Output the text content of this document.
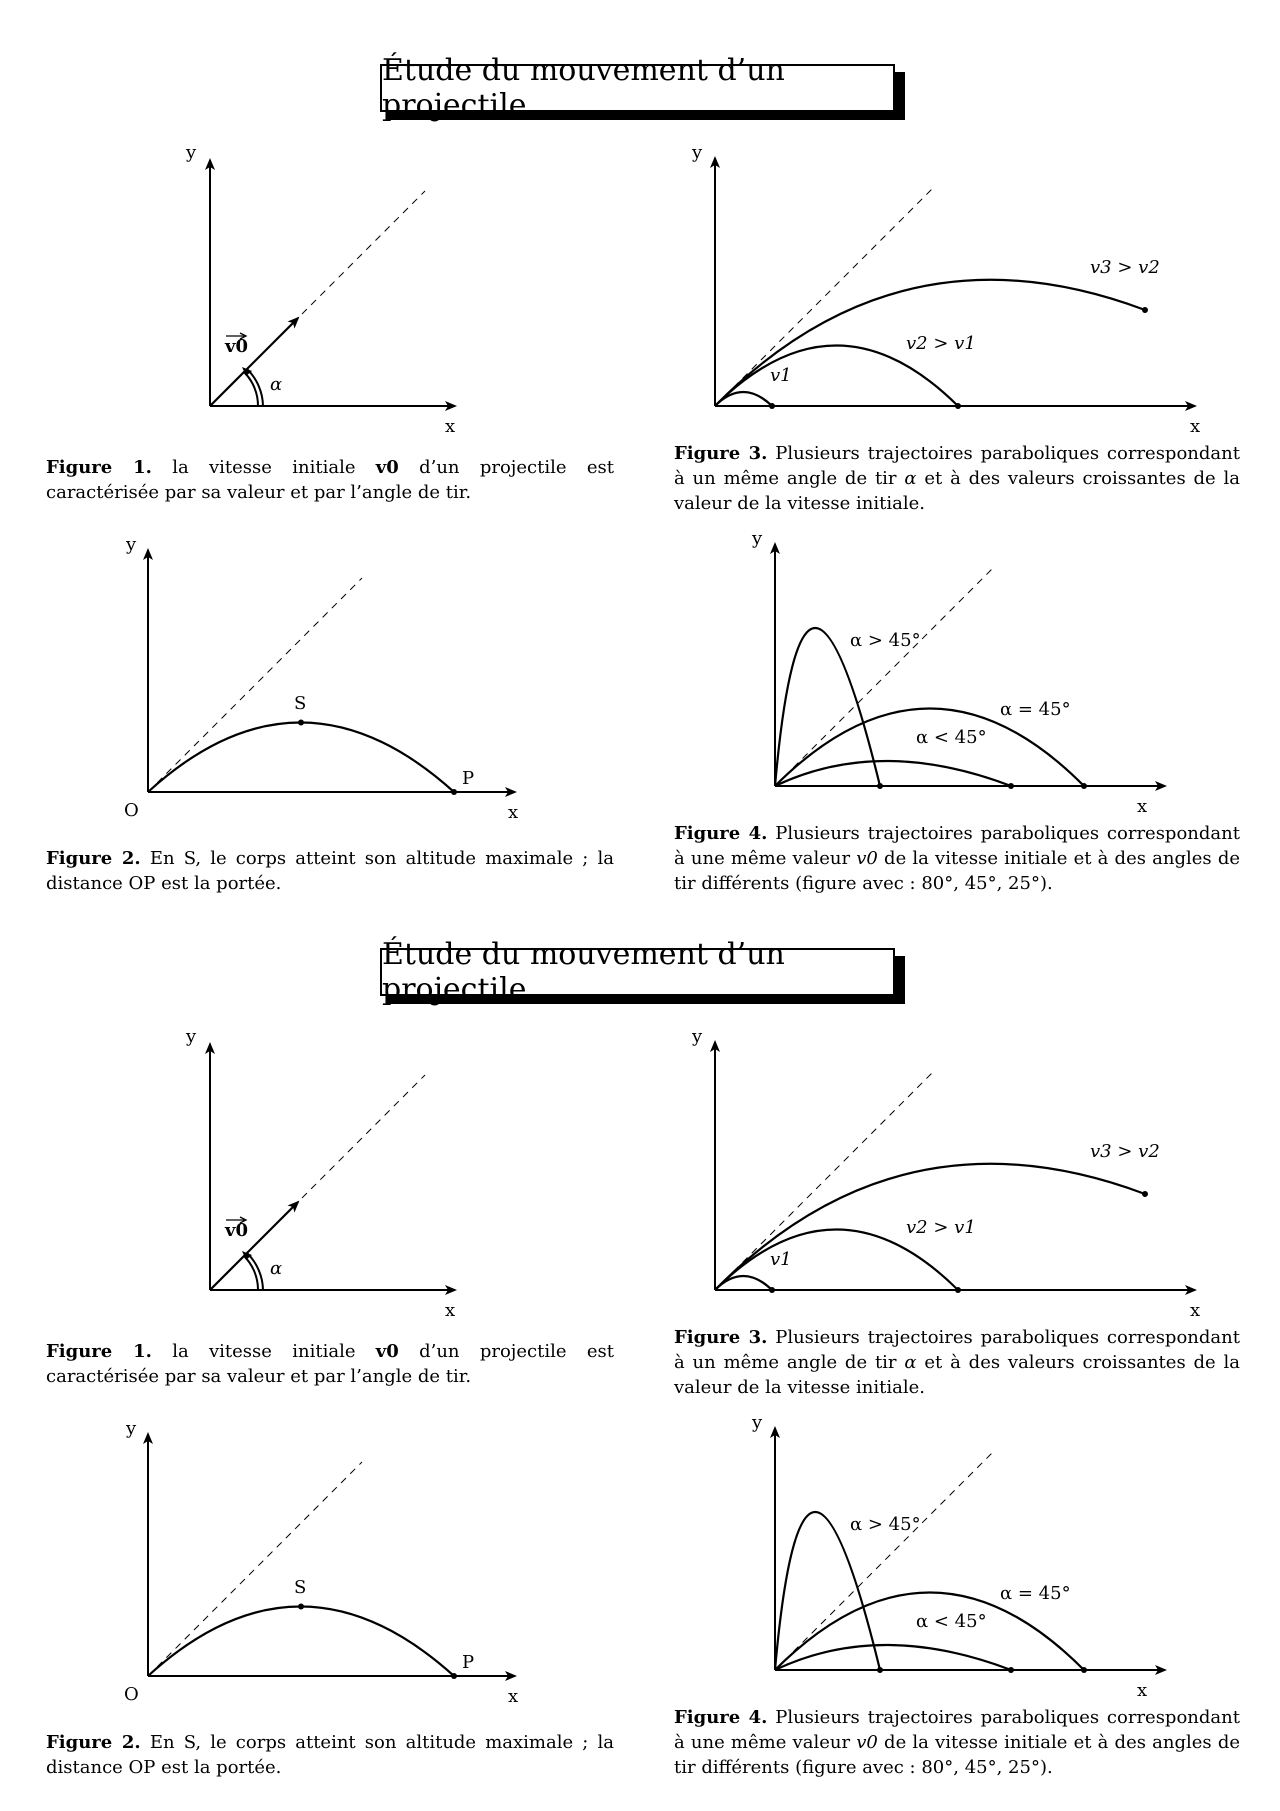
Étude du mouvement d’un projectile
y
x
v0
α
Figure 1. la vitesse initiale v0 d’un projectile est caractérisée par sa valeur et par l’angle de tir.
y
x
O
S
P
Figure 2. En S, le corps atteint son altitude maximale ; la distance OP est la portée.
y
x
v1
v2 > v1
v3 > v2
Figure 3. Plusieurs trajectoires paraboliques correspondant à un même angle de tir α et à des valeurs croissantes de la valeur de la vitesse initiale.
y
x
α > 45°
α = 45°
α < 45°
Figure 4. Plusieurs trajectoires paraboliques correspondant à une même valeur v0 de la vitesse initiale et à des angles de tir différents (figure avec : 80°, 45°, 25°).
Étude du mouvement d’un projectile
y
x
v0
α
Figure 1. la vitesse initiale v0 d’un projectile est caractérisée par sa valeur et par l’angle de tir.
y
x
O
S
P
Figure 2. En S, le corps atteint son altitude maximale ; la distance OP est la portée.
y
x
v1
v2 > v1
v3 > v2
Figure 3. Plusieurs trajectoires paraboliques correspondant à un même angle de tir α et à des valeurs croissantes de la valeur de la vitesse initiale.
y
x
α > 45°
α = 45°
α < 45°
Figure 4. Plusieurs trajectoires paraboliques correspondant à une même valeur v0 de la vitesse initiale et à des angles de tir différents (figure avec : 80°, 45°, 25°).
